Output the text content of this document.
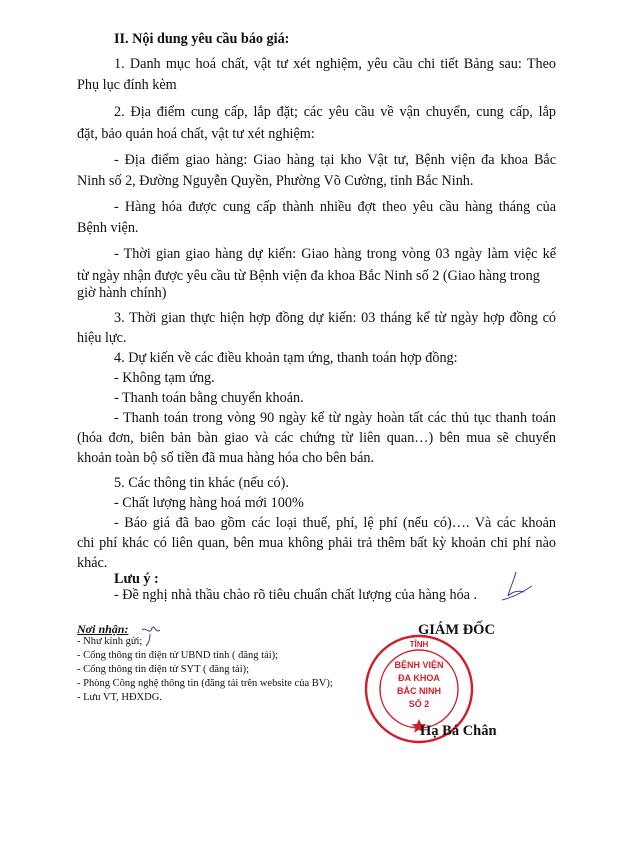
II. Nội dung yêu cầu báo giá:
1. Danh mục hoá chất, vật tư xét nghiệm, yêu cầu chi tiết Bảng sau: Theo
Phụ lục đính kèm
2. Địa điểm cung cấp, lắp đặt; các yêu cầu về vận chuyển, cung cấp, lắp
đặt, bảo quản hoá chất, vật tư xét nghiệm:
- Địa điểm giao hàng: Giao hàng tại kho Vật tư, Bệnh viện đa khoa Bắc
Ninh số 2, Đường Nguyễn Quyền, Phường Võ Cường, tỉnh Bắc Ninh.
- Hàng hóa được cung cấp thành nhiều đợt theo yêu cầu hàng tháng của
Bệnh viện.
- Thời gian giao hàng dự kiến: Giao hàng trong vòng 03 ngày làm việc kể
từ ngày nhận được yêu cầu từ Bệnh viện đa khoa Bắc Ninh số 2 (Giao hàng trong
giờ hành chính)
3. Thời gian thực hiện hợp đồng dự kiến: 03 tháng kể từ ngày hợp đồng có
hiệu lực.
4. Dự kiến về các điều khoản tạm ứng, thanh toán hợp đồng:
- Không tạm ứng.
- Thanh toán bằng chuyển khoản.
- Thanh toán trong vòng 90 ngày kể từ ngày hoàn tất các thủ tục thanh toán
(hóa đơn, biên bản bàn giao và các chứng từ liên quan…) bên mua sẽ chuyển
khoản toàn bộ số tiền đã mua hàng hóa cho bên bán.
5. Các thông tin khác (nếu có).
- Chất lượng hàng hoá mới 100%
- Báo giá đã bao gồm các loại thuế, phí, lệ phí (nếu có)…. Và các khoản
chi phí khác có liên quan, bên mua không phải trả thêm bất kỳ khoản chi phí nào
khác.
Lưu ý :
- Đề nghị nhà thầu chào rõ tiêu chuẩn chất lượng của hàng hóa .
Nơi nhận:
- Như kính gửi;
- Cổng thông tin điện tử UBND tỉnh ( đăng tải);
- Cổng thông tin điện tử SYT ( đăng tải);
- Phòng Công nghệ thông tin (đăng tải trên website của BV);
- Lưu VT, HĐXDG.
GIÁM ĐỐC
TỈNH
BỆNH VIỆN
ĐA KHOA
BẮC NINH
SỐ 2
Hạ Bá Chân
